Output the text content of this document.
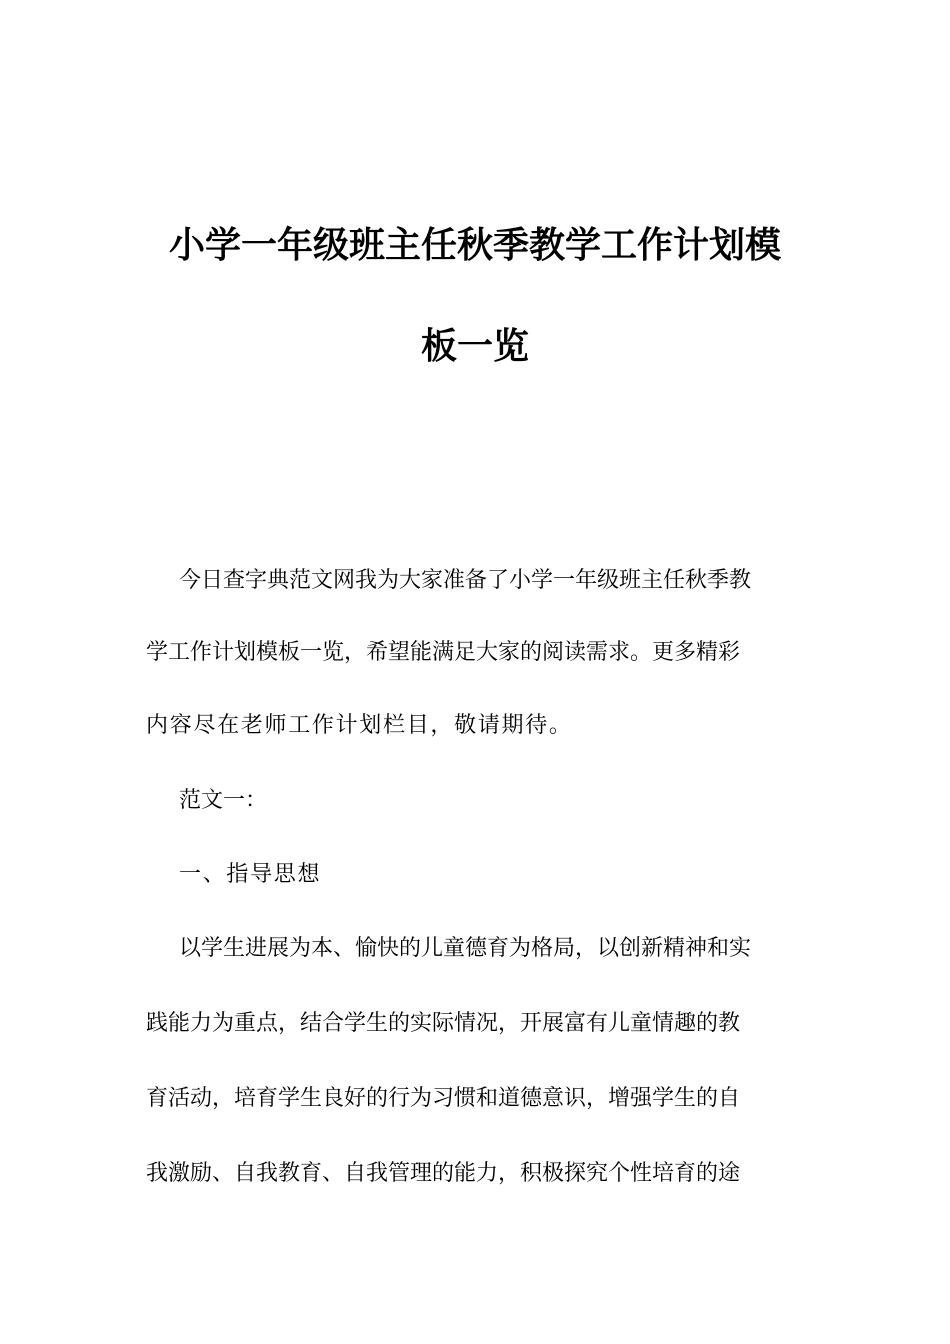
小学一年级班主任秋季教学工作计划模
板一览
今日查字典范文网我为大家准备了小学一年级班主任秋季教
学工作计划模板一览，希望能满足大家的阅读需求。更多精彩
内容尽在老师工作计划栏目，敬请期待。
范文一：
一、指导思想
以学生进展为本、愉快的儿童德育为格局，以创新精神和实
践能力为重点，结合学生的实际情况，开展富有儿童情趣的教
育活动，培育学生良好的行为习惯和道德意识，增强学生的自
我激励、自我教育、自我管理的能力，积极探究个性培育的途
